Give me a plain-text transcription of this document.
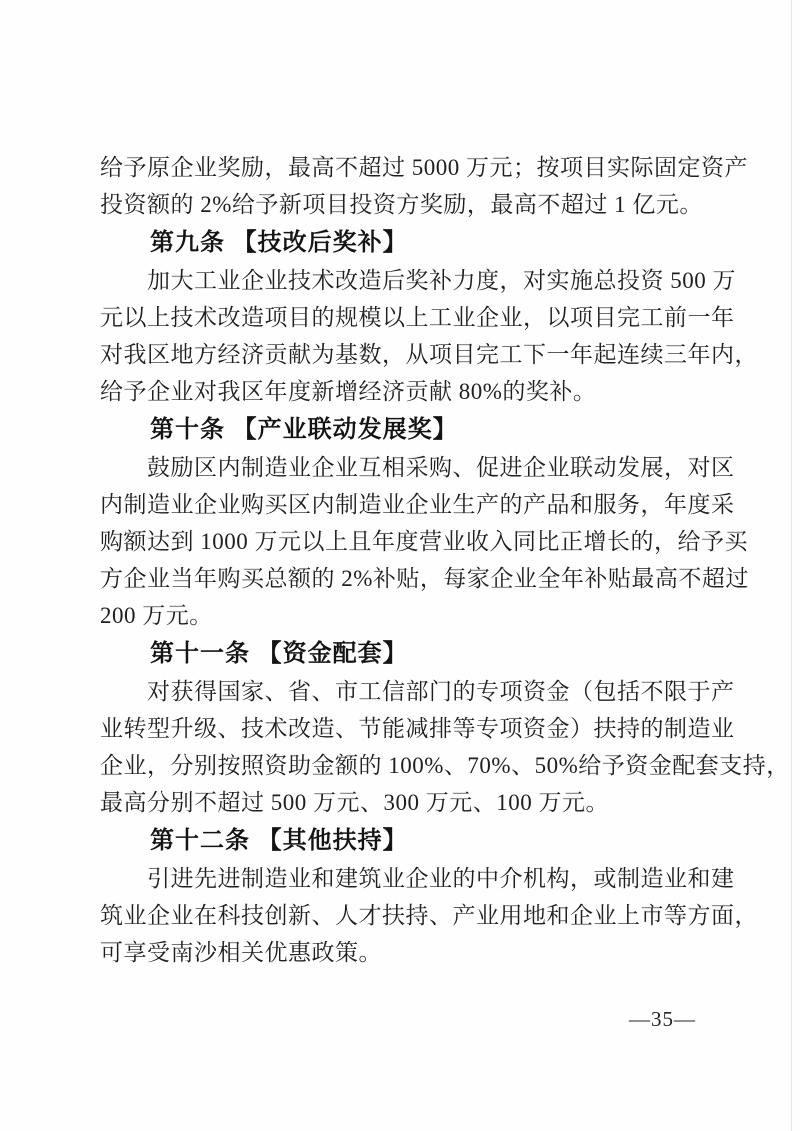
给予原企业奖励，最高不超过 5000 万元；按项目实际固定资产
投资额的 2%给予新项目投资方奖励，最高不超过 1 亿元。
第九条 【技改后奖补】
加大工业企业技术改造后奖补力度，对实施总投资 500 万
元以上技术改造项目的规模以上工业企业，以项目完工前一年
对我区地方经济贡献为基数，从项目完工下一年起连续三年内，
给予企业对我区年度新增经济贡献 80%的奖补。
第十条 【产业联动发展奖】
鼓励区内制造业企业互相采购、促进企业联动发展，对区
内制造业企业购买区内制造业企业生产的产品和服务，年度采
购额达到 1000 万元以上且年度营业收入同比正增长的，给予买
方企业当年购买总额的 2%补贴，每家企业全年补贴最高不超过
200 万元。
第十一条 【资金配套】
对获得国家、省、市工信部门的专项资金（包括不限于产
业转型升级、技术改造、节能减排等专项资金）扶持的制造业
企业，分别按照资助金额的 100%、70%、50%给予资金配套支持，
最高分别不超过 500 万元、300 万元、100 万元。
第十二条 【其他扶持】
引进先进制造业和建筑业企业的中介机构，或制造业和建
筑业企业在科技创新、人才扶持、产业用地和企业上市等方面，
可享受南沙相关优惠政策。
—35—
